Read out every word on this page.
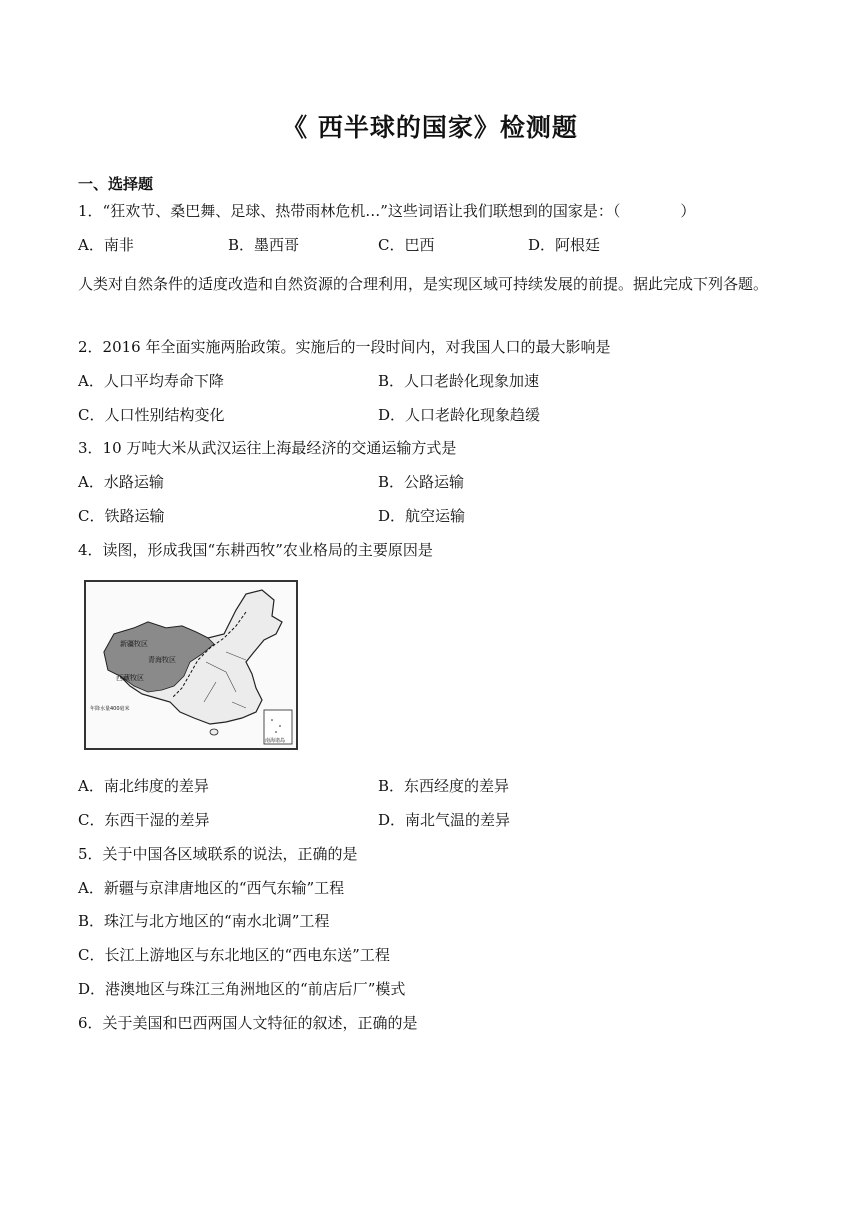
《 西半球的国家》检测题
一、选择题
1．“狂欢节、桑巴舞、足球、热带雨林危机…”这些词语让我们联想到的国家是：（　　　　）
A．南非	B．墨西哥	C．巴西	D．阿根廷
人类对自然条件的适度改造和自然资源的合理利用，是实现区域可持续发展的前提。据此完成下列各题。
2．2016 年全面实施两胎政策。实施后的一段时间内，对我国人口的最大影响是
A．人口平均寿命下降	B．人口老龄化现象加速
C．人口性别结构变化	D．人口老龄化现象趋缓
3．10 万吨大米从武汉运往上海最经济的交通运输方式是
A．水路运输	B．公路运输
C．铁路运输	D．航空运输
4．读图，形成我国“东耕西牧”农业格局的主要原因是
新疆牧区
青海牧区
西藏牧区
年降水量400毫米
南海诸岛
A．南北纬度的差异	B．东西经度的差异
C．东西干湿的差异	D．南北气温的差异
5．关于中国各区域联系的说法，正确的是
A．新疆与京津唐地区的“西气东输”工程
B．珠江与北方地区的“南水北调”工程
C．长江上游地区与东北地区的“西电东送”工程
D．港澳地区与珠江三角洲地区的“前店后厂”模式
6．关于美国和巴西两国人文特征的叙述，正确的是
